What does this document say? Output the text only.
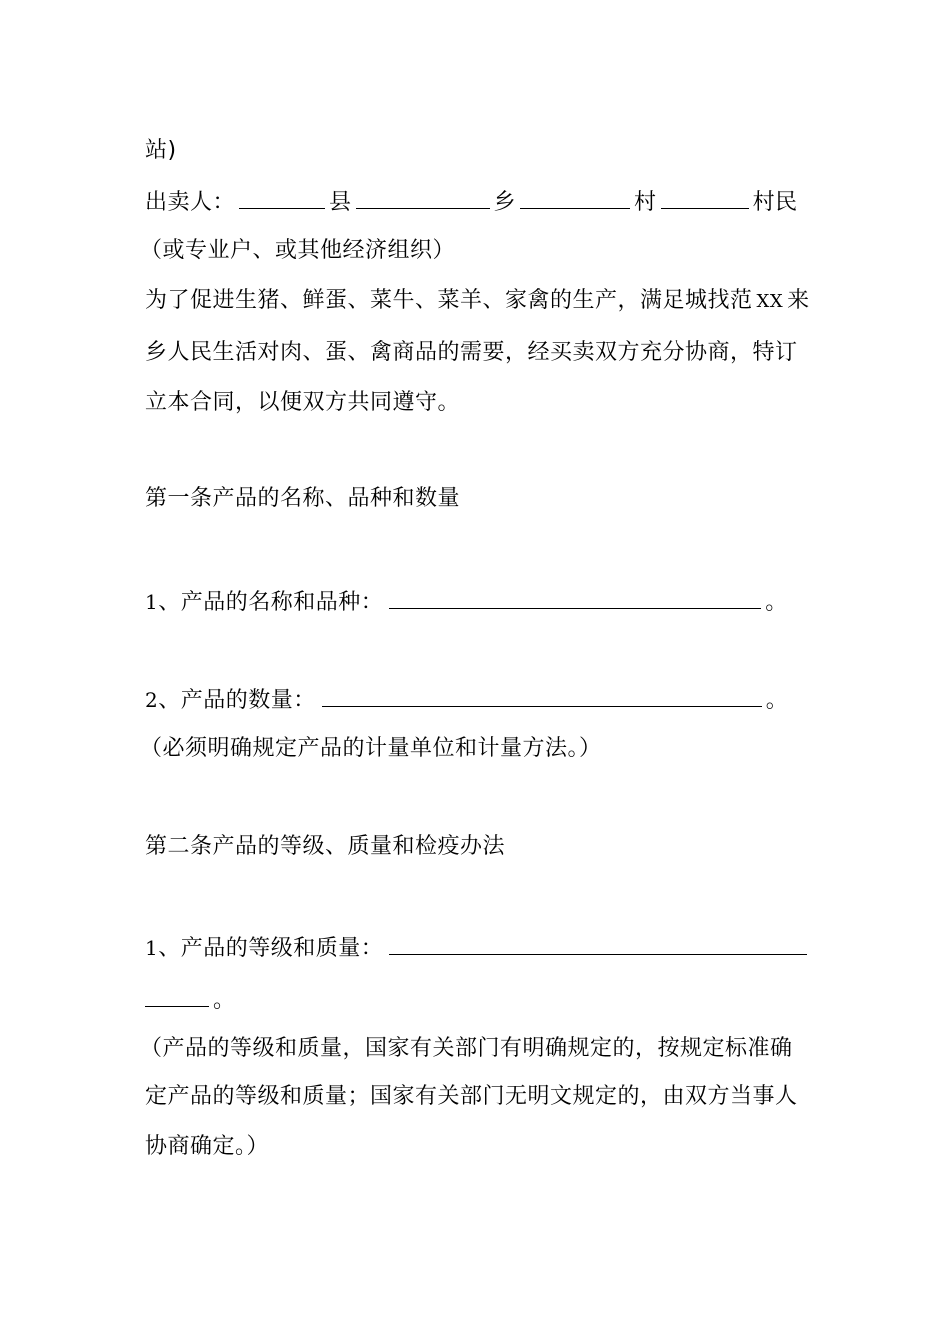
站)
出卖人：	县	乡	村	村民
（或专业户、或其他经济组织）
为了促进生猪、鲜蛋、菜牛、菜羊、家禽的生产，满足城找范 XX 来
乡人民生活对肉、蛋、禽商品的需要，经买卖双方充分协商，特订
立本合同，以便双方共同遵守。
第一条产品的名称、品种和数量
1、产品的名称和品种：	。
2、产品的数量：	。
（必须明确规定产品的计量单位和计量方法。）
第二条产品的等级、质量和检疫办法
1、产品的等级和质量：
。
（产品的等级和质量，国家有关部门有明确规定的，按规定标准确
定产品的等级和质量；国家有关部门无明文规定的，由双方当事人
协商确定。）
